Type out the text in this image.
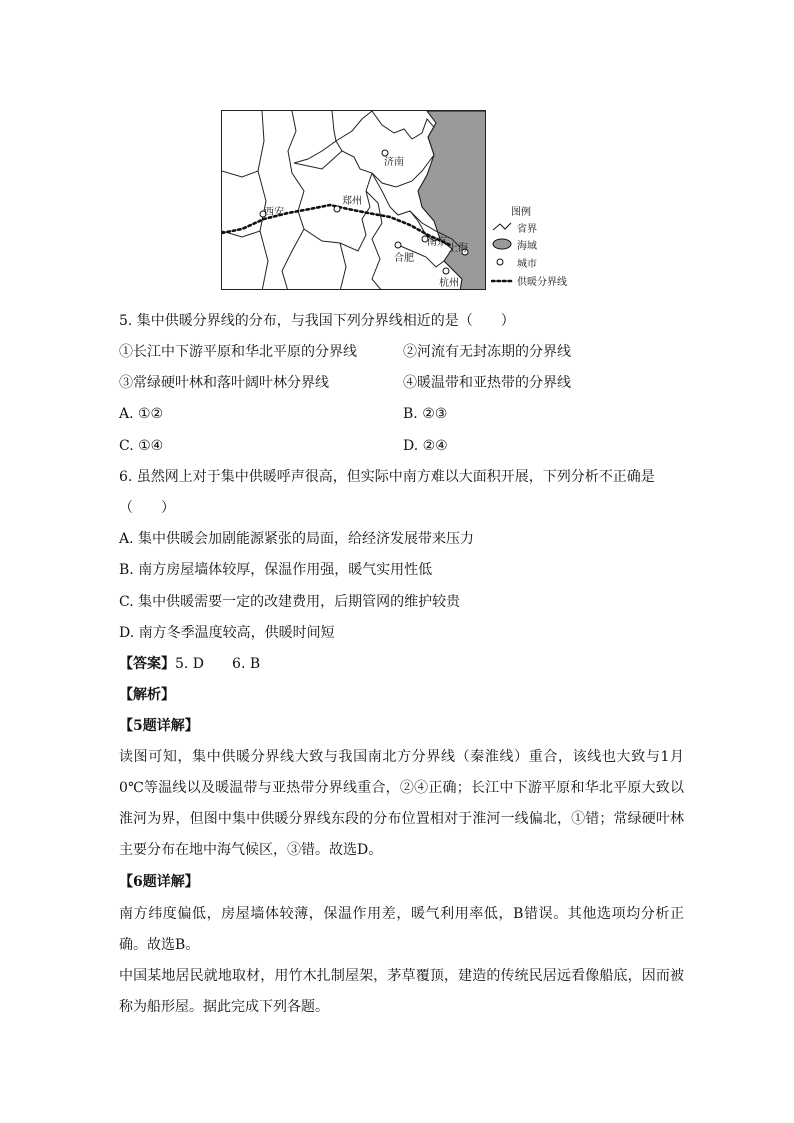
济南
郑州
西安
南京
合肥
上海
杭州
图例
省界
海域
城市
供暖分界线
5. 集中供暖分界线的分布，与我国下列分界线相近的是（　　）
①长江中下游平原和华北平原的分界线	②河流有无封冻期的分界线
③常绿硬叶林和落叶阔叶林分界线	④暖温带和亚热带的分界线
A. ①②	B. ②③
C. ①④	D. ②④
6. 虽然网上对于集中供暖呼声很高，但实际中南方难以大面积开展，下列分析不正确是
（　　）
A. 集中供暖会加剧能源紧张的局面，给经济发展带来压力
B. 南方房屋墙体较厚，保温作用强，暖气实用性低
C. 集中供暖需要一定的改建费用，后期管网的维护较贵
D. 南方冬季温度较高，供暖时间短
【答案】5. D　　6. B
【解析】
【5题详解】
读图可知，集中供暖分界线大致与我国南北方分界线（秦淮线）重合，该线也大致与1月0℃等温线以及暖温带与亚热带分界线重合，②④正确；长江中下游平原和华北平原大致以淮河为界，但图中集中供暖分界线东段的分布位置相对于淮河一线偏北，①错；常绿硬叶林主要分布在地中海气候区，③错。故选D。
【6题详解】
南方纬度偏低，房屋墙体较薄，保温作用差，暖气利用率低，B错误。其他选项均分析正确。故选B。
中国某地居民就地取材，用竹木扎制屋架，茅草覆顶，建造的传统民居远看像船底，因而被称为船形屋。据此完成下列各题。
